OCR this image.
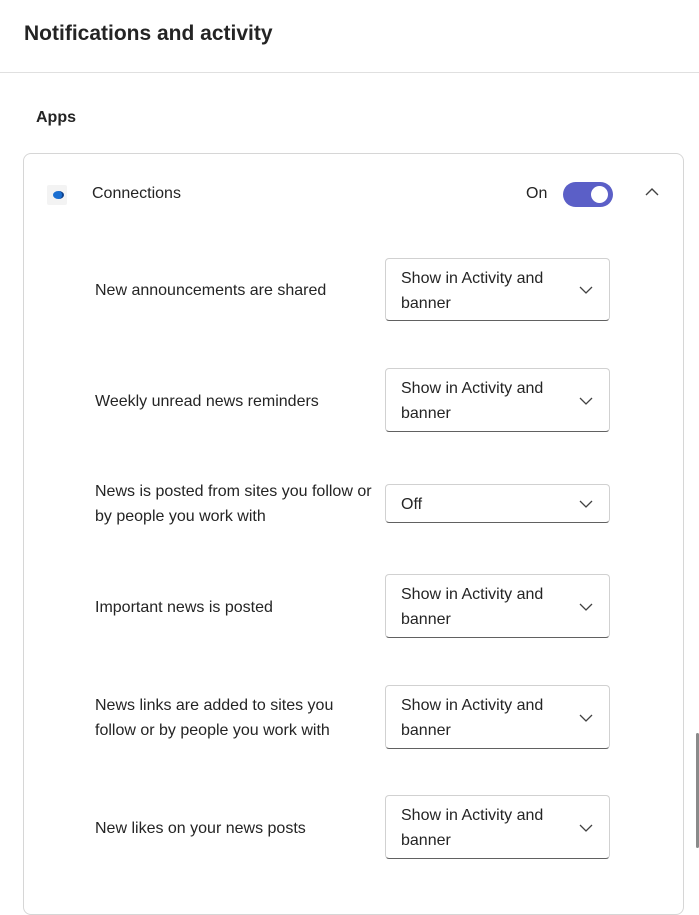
Notifications and activity
Apps
Connections	On
New announcements are shared
Show in Activity and banner
Weekly unread news reminders
Show in Activity and banner
News is posted from sites you follow or by people you work with
Off
Important news is posted
Show in Activity and banner
News links are added to sites you follow or by people you work with
Show in Activity and banner
New likes on your news posts
Show in Activity and banner
